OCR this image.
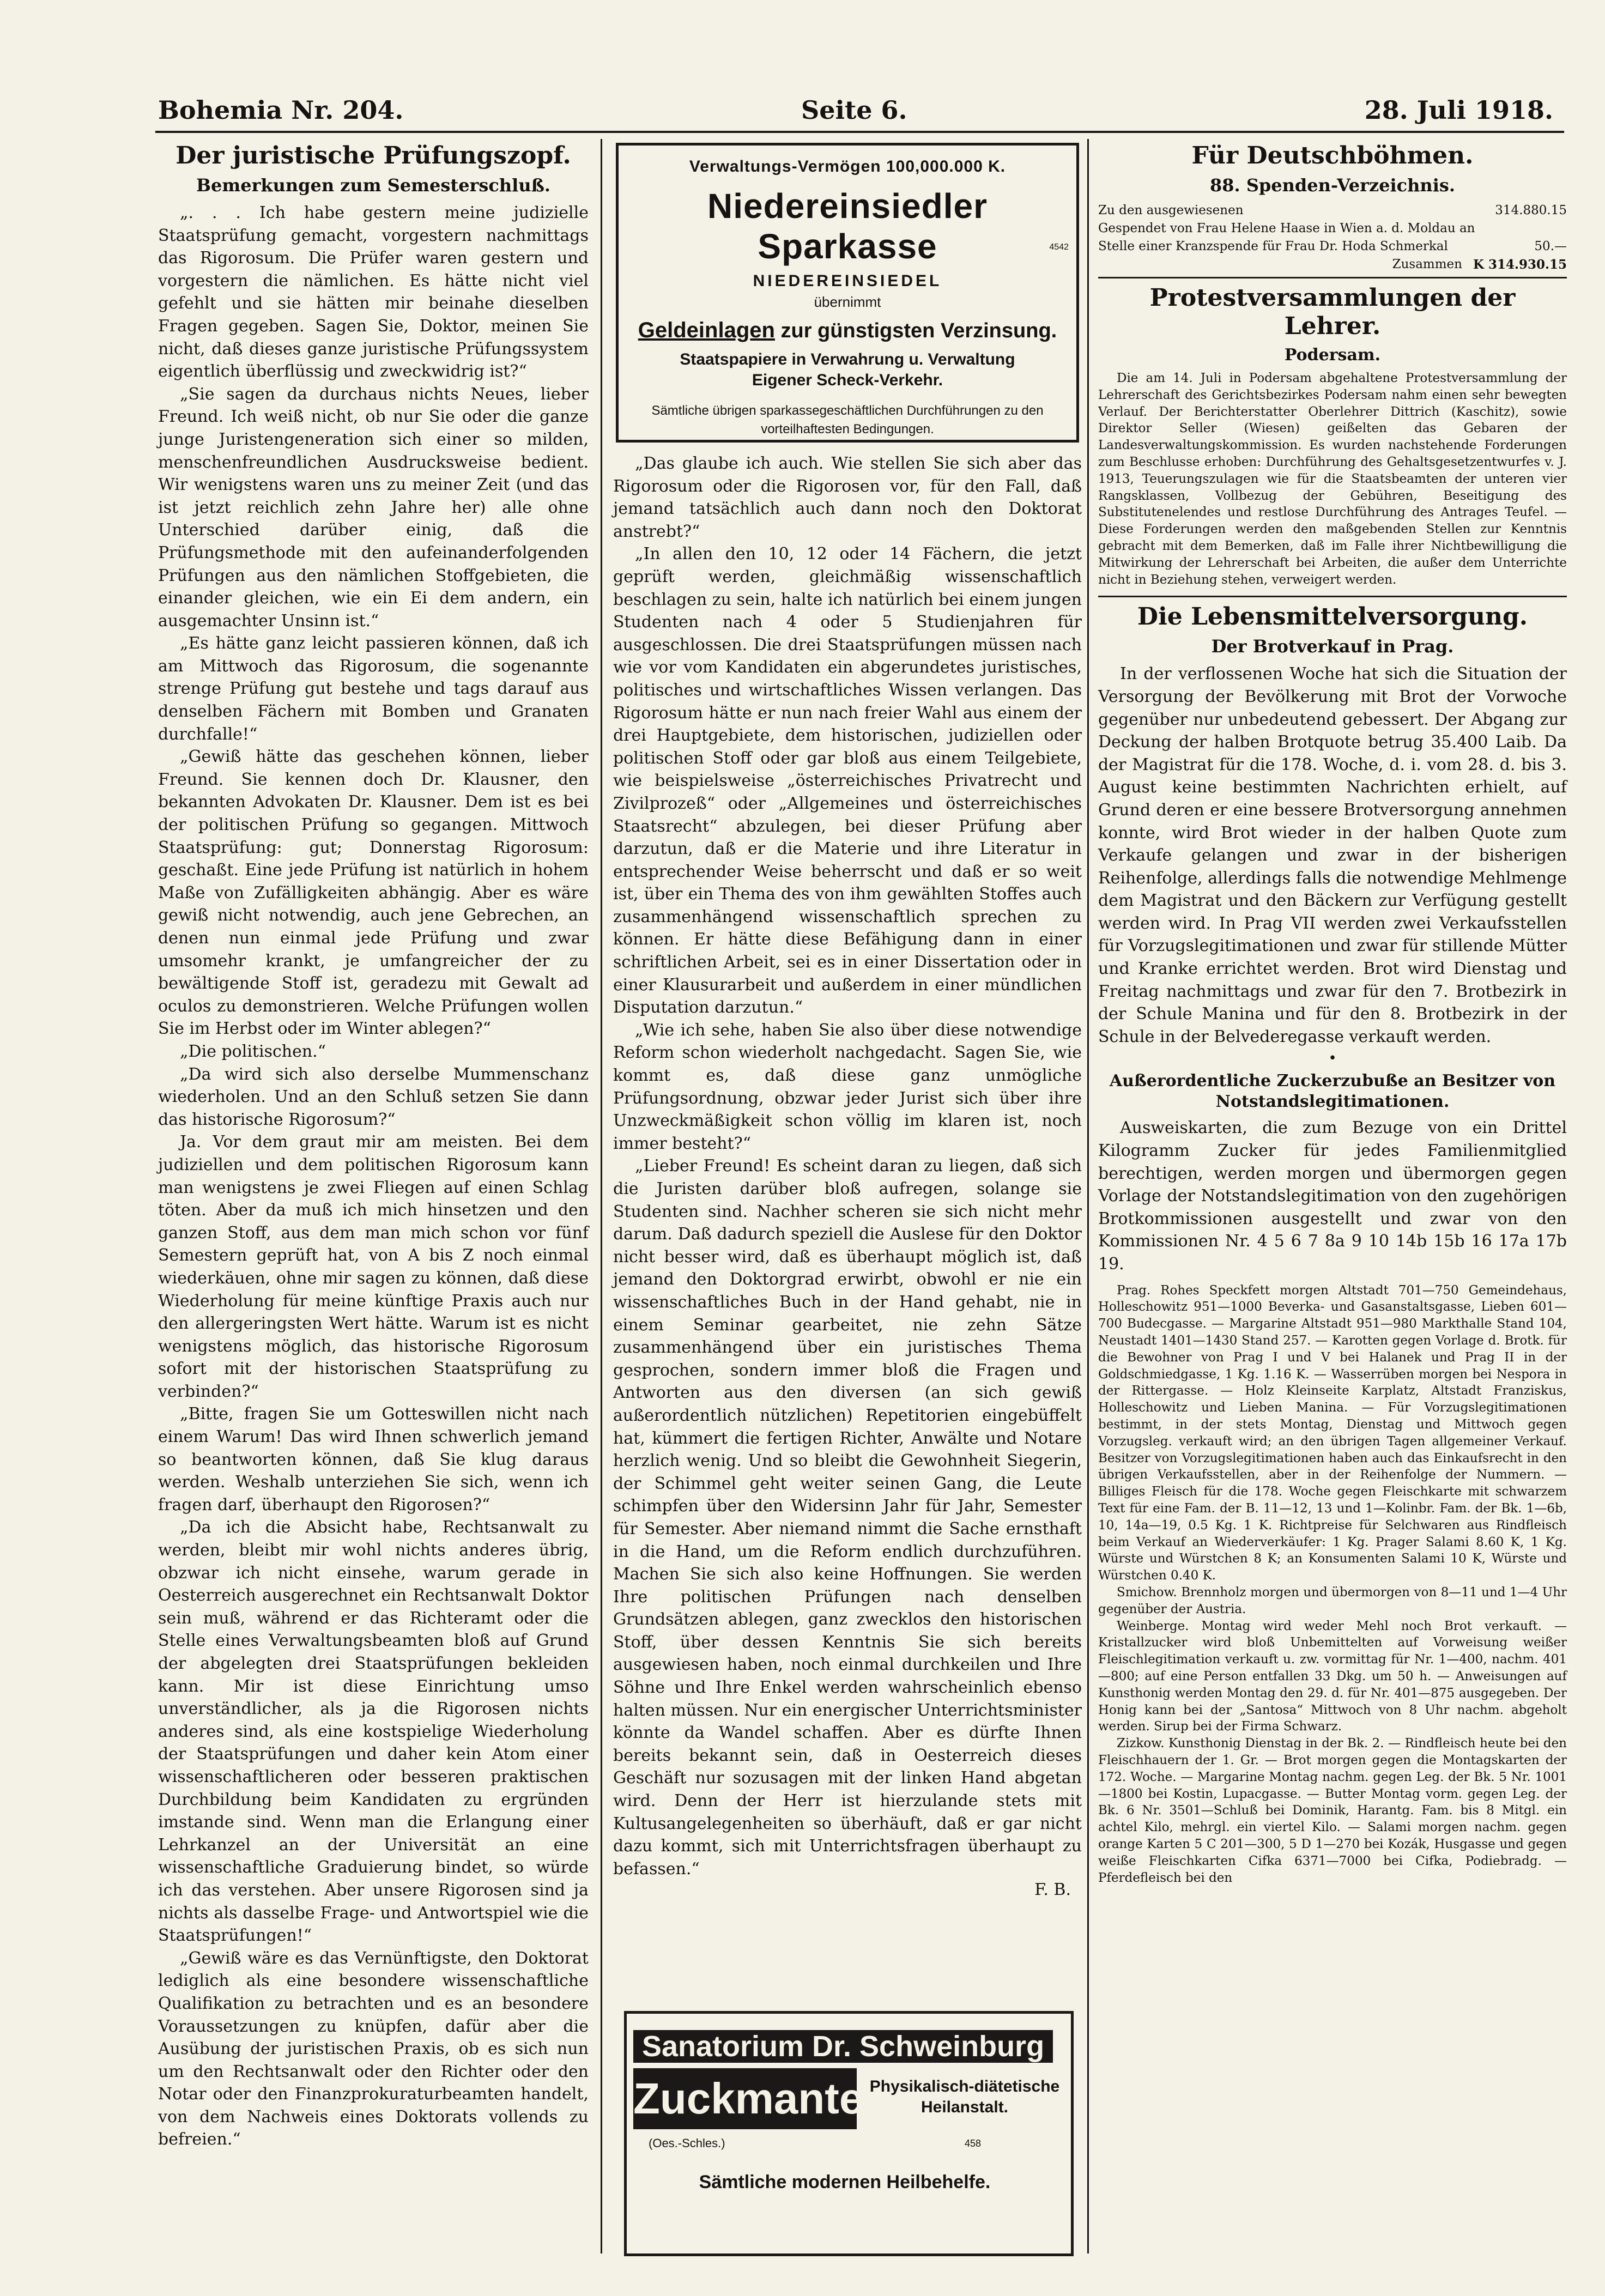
Bohemia Nr. 204.	Seite 6.	28. Juli 1918.
Der juristische Prüfungszopf.
Bemerkungen zum Semesterschluß.

„. . . Ich habe gestern meine judizielle Staatsprüfung gemacht, vorgestern nachmittags das Rigorosum. Die Prüfer waren gestern und vorgestern die nämlichen. Es hätte nicht viel gefehlt und sie hätten mir beinahe dieselben Fragen gegeben. Sagen Sie, Doktor, meinen Sie nicht, daß dieses ganze juristische Prüfungssystem eigentlich überflüssig und zweckwidrig ist?“

„Sie sagen da durchaus nichts Neues, lieber Freund. Ich weiß nicht, ob nur Sie oder die ganze junge Juristengeneration sich einer so milden, menschenfreundlichen Ausdrucksweise bedient. Wir wenigstens waren uns zu meiner Zeit (und das ist jetzt reichlich zehn Jahre her) alle ohne Unterschied darüber einig, daß die Prüfungsmethode mit den aufeinanderfolgenden Prüfungen aus den nämlichen Stoffgebieten, die einander gleichen, wie ein Ei dem andern, ein ausgemachter Unsinn ist.“

„Es hätte ganz leicht passieren können, daß ich am Mittwoch das Rigorosum, die sogenannte strenge Prüfung gut bestehe und tags darauf aus denselben Fächern mit Bomben und Granaten durchfalle!“

„Gewiß hätte das geschehen können, lieber Freund. Sie kennen doch Dr. Klausner, den bekannten Advokaten Dr. Klausner. Dem ist es bei der politischen Prüfung so gegangen. Mittwoch Staatsprüfung: gut; Donnerstag Rigorosum: geschaßt. Eine jede Prüfung ist natürlich in hohem Maße von Zufälligkeiten abhängig. Aber es wäre gewiß nicht notwendig, auch jene Gebrechen, an denen nun einmal jede Prüfung und zwar umsomehr krankt, je umfangreicher der zu bewältigende Stoff ist, geradezu mit Gewalt ad oculos zu demonstrieren. Welche Prüfungen wollen Sie im Herbst oder im Winter ablegen?“

„Die politischen.“

„Da wird sich also derselbe Mummenschanz wiederholen. Und an den Schluß setzen Sie dann das historische Rigorosum?“

Ja. Vor dem graut mir am meisten. Bei dem judiziellen und dem politischen Rigorosum kann man wenigstens je zwei Fliegen auf einen Schlag töten. Aber da muß ich mich hinsetzen und den ganzen Stoff, aus dem man mich schon vor fünf Semestern geprüft hat, von A bis Z noch einmal wiederkäuen, ohne mir sagen zu können, daß diese Wiederholung für meine künftige Praxis auch nur den allergeringsten Wert hätte. Warum ist es nicht wenigstens möglich, das historische Rigorosum sofort mit der historischen Staatsprüfung zu verbinden?“

„Bitte, fragen Sie um Gotteswillen nicht nach einem Warum! Das wird Ihnen schwerlich jemand so beantworten können, daß Sie klug daraus werden. Weshalb unterziehen Sie sich, wenn ich fragen darf, überhaupt den Rigorosen?“

„Da ich die Absicht habe, Rechtsanwalt zu werden, bleibt mir wohl nichts anderes übrig, obzwar ich nicht einsehe, warum gerade in Oesterreich ausgerechnet ein Rechtsanwalt Doktor sein muß, während er das Richteramt oder die Stelle eines Verwaltungsbeamten bloß auf Grund der abgelegten drei Staatsprüfungen bekleiden kann. Mir ist diese Einrichtung umso unverständlicher, als ja die Rigorosen nichts anderes sind, als eine kostspielige Wiederholung der Staatsprüfungen und daher kein Atom einer wissenschaftlicheren oder besseren praktischen Durchbildung beim Kandidaten zu ergründen imstande sind. Wenn man die Erlangung einer Lehrkanzel an der Universität an eine wissenschaftliche Graduierung bindet, so würde ich das verstehen. Aber unsere Rigorosen sind ja nichts als dasselbe Frage- und Antwortspiel wie die Staatsprüfungen!“

„Gewiß wäre es das Vernünftigste, den Doktorat lediglich als eine besondere wissenschaftliche Qualifikation zu betrachten und es an besondere Voraussetzungen zu knüpfen, dafür aber die Ausübung der juristischen Praxis, ob es sich nun um den Rechtsanwalt oder den Richter oder den Notar oder den Finanzprokuraturbeamten handelt, von dem Nachweis eines Doktorats vollends zu befreien.“

Verwaltungs-Vermögen 100,000.000 K.
Niedereinsiedler Sparkasse
NIEDEREINSIEDEL
4542
übernimmt
Geldeinlagen zur günstigsten Verzinsung.
Staatspapiere in Verwahrung u. Verwaltung
Eigener Scheck-Verkehr.
Sämtliche übrigen sparkassegeschäftlichen Durchführungen zu den vorteilhaftesten Bedingungen.

„Das glaube ich auch. Wie stellen Sie sich aber das Rigorosum oder die Rigorosen vor, für den Fall, daß jemand tatsächlich auch dann noch den Doktorat anstrebt?“

„In allen den 10, 12 oder 14 Fächern, die jetzt geprüft werden, gleichmäßig wissenschaftlich beschlagen zu sein, halte ich natürlich bei einem jungen Studenten nach 4 oder 5 Studienjahren für ausgeschlossen. Die drei Staatsprüfungen müssen nach wie vor vom Kandidaten ein abgerundetes juristisches, politisches und wirtschaftliches Wissen verlangen. Das Rigorosum hätte er nun nach freier Wahl aus einem der drei Hauptgebiete, dem historischen, judiziellen oder politischen Stoff oder gar bloß aus einem Teilgebiete, wie beispielsweise „österreichisches Privatrecht und Zivilprozeß“ oder „Allgemeines und österreichisches Staatsrecht“ abzulegen, bei dieser Prüfung aber darzutun, daß er die Materie und ihre Literatur in entsprechender Weise beherrscht und daß er so weit ist, über ein Thema des von ihm gewählten Stoffes auch zusammenhängend wissenschaftlich sprechen zu können. Er hätte diese Befähigung dann in einer schriftlichen Arbeit, sei es in einer Dissertation oder in einer Klausurarbeit und außerdem in einer mündlichen Disputation darzutun.“

„Wie ich sehe, haben Sie also über diese notwendige Reform schon wiederholt nachgedacht. Sagen Sie, wie kommt es, daß diese ganz unmögliche Prüfungsordnung, obzwar jeder Jurist sich über ihre Unzweckmäßigkeit schon völlig im klaren ist, noch immer besteht?“

„Lieber Freund! Es scheint daran zu liegen, daß sich die Juristen darüber bloß aufregen, solange sie Studenten sind. Nachher scheren sie sich nicht mehr darum. Daß dadurch speziell die Auslese für den Doktor nicht besser wird, daß es überhaupt möglich ist, daß jemand den Doktorgrad erwirbt, obwohl er nie ein wissenschaftliches Buch in der Hand gehabt, nie in einem Seminar gearbeitet, nie zehn Sätze zusammenhängend über ein juristisches Thema gesprochen, sondern immer bloß die Fragen und Antworten aus den diversen (an sich gewiß außerordentlich nützlichen) Repetitorien eingebüffelt hat, kümmert die fertigen Richter, Anwälte und Notare herzlich wenig. Und so bleibt die Gewohnheit Siegerin, der Schimmel geht weiter seinen Gang, die Leute schimpfen über den Widersinn Jahr für Jahr, Semester für Semester. Aber niemand nimmt die Sache ernsthaft in die Hand, um die Reform endlich durchzuführen. Machen Sie sich also keine Hoffnungen. Sie werden Ihre politischen Prüfungen nach denselben Grundsätzen ablegen, ganz zwecklos den historischen Stoff, über dessen Kenntnis Sie sich bereits ausgewiesen haben, noch einmal durchkeilen und Ihre Söhne und Ihre Enkel werden wahrscheinlich ebenso halten müssen. Nur ein energischer Unterrichtsminister könnte da Wandel schaffen. Aber es dürfte Ihnen bereits bekannt sein, daß in Oesterreich dieses Geschäft nur sozusagen mit der linken Hand abgetan wird. Denn der Herr ist hierzulande stets mit Kultusangelegenheiten so überhäuft, daß er gar nicht dazu kommt, sich mit Unterrichtsfragen überhaupt zu befassen.“

F. B.
Sanatorium Dr. Schweinburg
Zuckmantel
Physikalisch-diätetische Heilanstalt.
(Oes.-Schles.)	458
Sämtliche modernen Heilbehelfe.
Für Deutschböhmen.
88. Spenden-Verzeichnis.
Zu den ausgewiesenen	314.880.15
Gespendet von Frau Helene Haase in Wien a. d. Moldau an Stelle einer Kranzspende für Frau Dr. Hoda Schmerkal	50.—
Zusammen K 314.930.15
Protestversammlungen der Lehrer.
Podersam.

Die am 14. Juli in Podersam abgehaltene Protestversammlung der Lehrerschaft des Gerichtsbezirkes Podersam nahm einen sehr bewegten Verlauf. Der Berichterstatter Oberlehrer Dittrich (Kaschitz), sowie Direktor Seller (Wiesen) geißelten das Gebaren der Landesverwaltungskommission. Es wurden nachstehende Forderungen zum Beschlusse erhoben: Durchführung des Gehaltsgesetzentwurfes v. J. 1913, Teuerungszulagen wie für die Staatsbeamten der unteren vier Rangsklassen, Vollbezug der Gebühren, Beseitigung des Substitutenelendes und restlose Durchführung des Antrages Teufel. — Diese Forderungen werden den maßgebenden Stellen zur Kenntnis gebracht mit dem Bemerken, daß im Falle ihrer Nichtbewilligung die Mitwirkung der Lehrerschaft bei Arbeiten, die außer dem Unterrichte nicht in Beziehung stehen, verweigert werden.

Die Lebensmittelversorgung.
Der Brotverkauf in Prag.

In der verflossenen Woche hat sich die Situation der Versorgung der Bevölkerung mit Brot der Vorwoche gegenüber nur unbedeutend gebessert. Der Abgang zur Deckung der halben Brotquote betrug 35.400 Laib. Da der Magistrat für die 178. Woche, d. i. vom 28. d. bis 3. August keine bestimmten Nachrichten erhielt, auf Grund deren er eine bessere Brotversorgung annehmen konnte, wird Brot wieder in der halben Quote zum Verkaufe gelangen und zwar in der bisherigen Reihenfolge, allerdings falls die notwendige Mehlmenge dem Magistrat und den Bäckern zur Verfügung gestellt werden wird. In Prag VII werden zwei Verkaufsstellen für Vorzugslegitimationen und zwar für stillende Mütter und Kranke errichtet werden. Brot wird Dienstag und Freitag nachmittags und zwar für den 7. Brotbezirk in der Schule Manina und für den 8. Brotbezirk in der Schule in der Belvederegasse verkauft werden.

•
Außerordentliche Zuckerzubuße an Besitzer von Notstandslegitimationen.

Ausweiskarten, die zum Bezuge von ein Drittel Kilogramm Zucker für jedes Familienmitglied berechtigen, werden morgen und übermorgen gegen Vorlage der Notstandslegitimation von den zugehörigen Brotkommissionen ausgestellt und zwar von den Kommissionen Nr. 4 5 6 7 8a 9 10 14b 15b 16 17a 17b 19.

Prag. Rohes Speckfett morgen Altstadt 701—750 Gemeindehaus, Holleschowitz 951—1000 Beverka- und Gasanstaltsgasse, Lieben 601—700 Budecgasse. — Margarine Altstadt 951—980 Markthalle Stand 104, Neustadt 1401—1430 Stand 257. — Karotten gegen Vorlage d. Brotk. für die Bewohner von Prag I und V bei Halanek und Prag II in der Goldschmiedgasse, 1 Kg. 1.16 K. — Wasserrüben morgen bei Nespora in der Rittergasse. — Holz Kleinseite Karplatz, Altstadt Franziskus, Holleschowitz und Lieben Manina. — Für Vorzugslegitimationen bestimmt, in der stets Montag, Dienstag und Mittwoch gegen Vorzugsleg. verkauft wird; an den übrigen Tagen allgemeiner Verkauf. Besitzer von Vorzugslegitimationen haben auch das Einkaufsrecht in den übrigen Verkaufsstellen, aber in der Reihenfolge der Nummern. — Billiges Fleisch für die 178. Woche gegen Fleischkarte mit schwarzem Text für eine Fam. der B. 11—12, 13 und 1—Kolinbr. Fam. der Bk. 1—6b, 10, 14a—19, 0.5 Kg. 1 K. Richtpreise für Selchwaren aus Rindfleisch beim Verkauf an Wiederverkäufer: 1 Kg. Prager Salami 8.60 K, 1 Kg. Würste und Würstchen 8 K; an Konsumenten Salami 10 K, Würste und Würstchen 0.40 K.

Smichow. Brennholz morgen und übermorgen von 8—11 und 1—4 Uhr gegenüber der Austria.

Weinberge. Montag wird weder Mehl noch Brot verkauft. — Kristallzucker wird bloß Unbemittelten auf Vorweisung weißer Fleischlegitimation verkauft u. zw. vormittag für Nr. 1—400, nachm. 401—800; auf eine Person entfallen 33 Dkg. um 50 h. — Anweisungen auf Kunsthonig werden Montag den 29. d. für Nr. 401—875 ausgegeben. Der Honig kann bei der „Santosa“ Mittwoch von 8 Uhr nachm. abgeholt werden. Sirup bei der Firma Schwarz.

Zizkow. Kunsthonig Dienstag in der Bk. 2. — Rindfleisch heute bei den Fleischhauern der 1. Gr. — Brot morgen gegen die Montagskarten der 172. Woche. — Margarine Montag nachm. gegen Leg. der Bk. 5 Nr. 1001—1800 bei Kostin, Lupacgasse. — Butter Montag vorm. gegen Leg. der Bk. 6 Nr. 3501—Schluß bei Dominik, Harantg. Fam. bis 8 Mitgl. ein achtel Kilo, mehrgl. ein viertel Kilo. — Salami morgen nachm. gegen orange Karten 5 C 201—300, 5 D 1—270 bei Kozák, Husgasse und gegen weiße Fleischkarten Cifka 6371—7000 bei Cifka, Podiebradg. — Pferdefleisch bei den
